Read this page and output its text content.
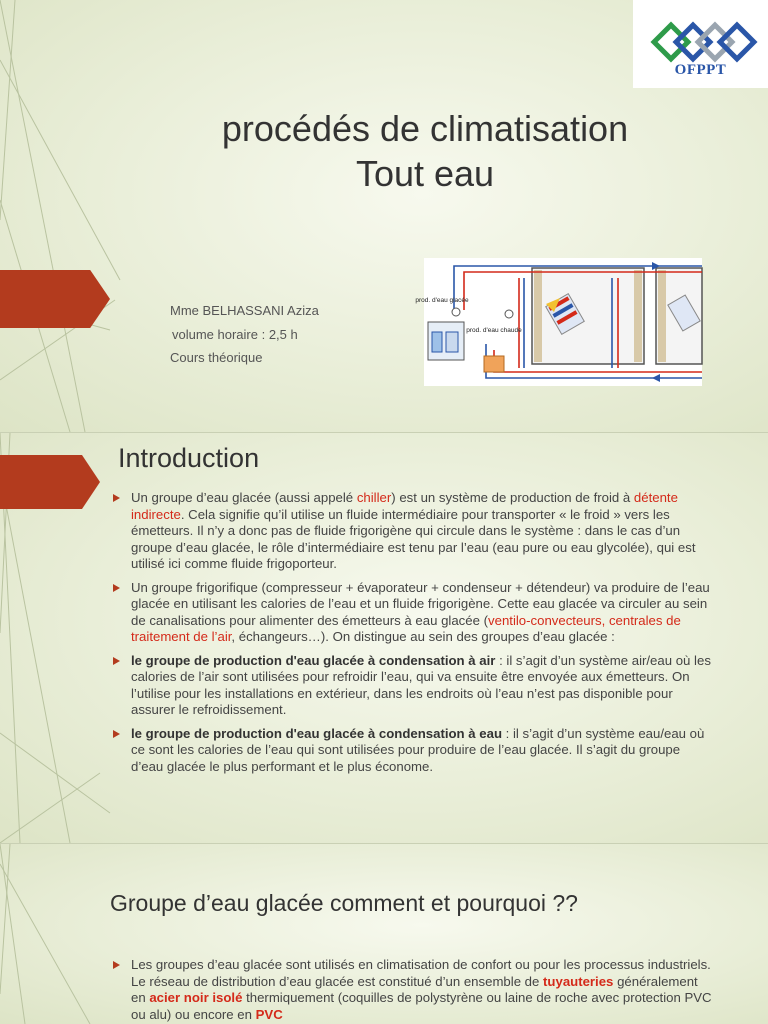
OFPPT
procédés de climatisation
Tout eau
Mme BELHASSANI Aziza
volume horaire : 2,5 h
Cours théorique
prod. d'eau glacée
prod. d'eau chaude
Introduction
Un groupe d’eau glacée (aussi appelé chiller) est un système de production de froid à détente indirecte. Cela signifie qu’il utilise un fluide intermédiaire pour transporter « le froid » vers les émetteurs. Il n’y a donc pas de fluide frigorigène qui circule dans le système : dans le cas d’un groupe d’eau glacée, le rôle d’intermédiaire est tenu par l’eau (eau pure ou eau glycolée), qui est utilisé ici comme fluide frigoporteur.
Un groupe frigorifique (compresseur + évaporateur + condenseur + détendeur) va produire de l’eau glacée en utilisant les calories de l’eau et un fluide frigorigène. Cette eau glacée va circuler au sein de canalisations pour alimenter des émetteurs à eau glacée (ventilo-convecteurs, centrales de traitement de l’air, échangeurs…). On distingue au sein des groupes d’eau glacée :
le groupe de production d'eau glacée à condensation à air : il s’agit d’un système air/eau où les calories de l’air sont utilisées pour refroidir l’eau, qui va ensuite être envoyée aux émetteurs. On l’utilise pour les installations en extérieur, dans les endroits où l’eau n’est pas disponible pour assurer le refroidissement.
le groupe de production d'eau glacée à condensation à eau : il s’agit d’un système eau/eau où ce sont les calories de l’eau qui sont utilisées pour produire de l’eau glacée. Il s’agit du groupe d’eau glacée le plus performant et le plus économe.
Groupe d’eau glacée comment et pourquoi ??
Les groupes d’eau glacée sont utilisés en climatisation de confort ou pour les processus industriels. Le réseau de distribution d’eau glacée est constitué d’un ensemble de tuyauteries généralement en acier noir isolé thermiquement (coquilles de polystyrène ou laine de roche avec protection PVC ou alu) ou encore en PVC
